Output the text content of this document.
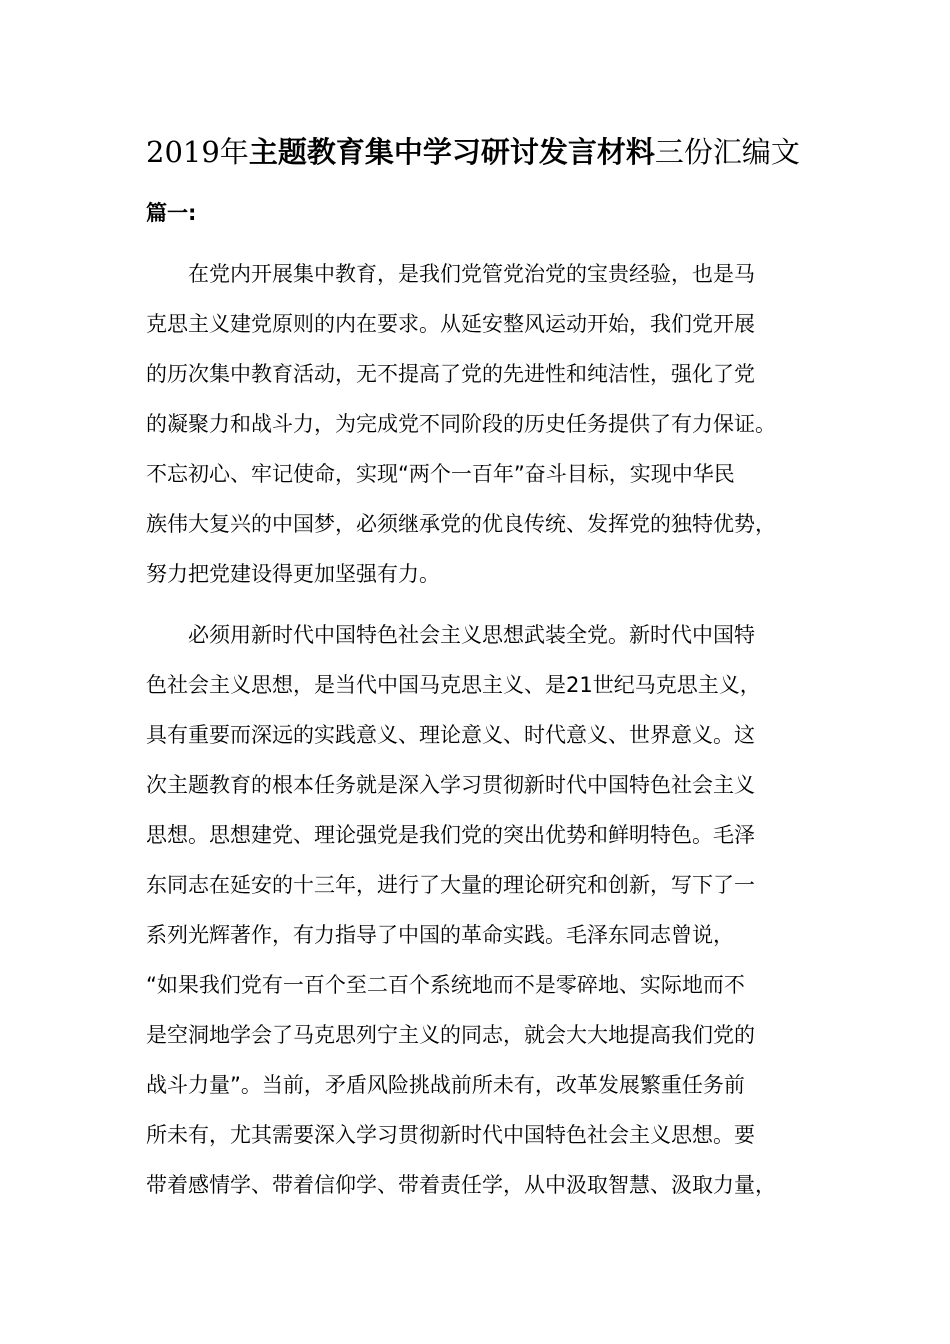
2019年主题教育集中学习研讨发言材料三份汇编文
篇一:
在党内开展集中教育，是我们党管党治党的宝贵经验，也是马
克思主义建党原则的内在要求。从延安整风运动开始，我们党开展
的历次集中教育活动，无不提高了党的先进性和纯洁性，强化了党
的凝聚力和战斗力，为完成党不同阶段的历史任务提供了有力保证。
不忘初心、牢记使命，实现“两个一百年”奋斗目标，实现中华民
族伟大复兴的中国梦，必须继承党的优良传统、发挥党的独特优势，
努力把党建设得更加坚强有力。
必须用新时代中国特色社会主义思想武装全党。新时代中国特
色社会主义思想，是当代中国马克思主义、是21世纪马克思主义，
具有重要而深远的实践意义、理论意义、时代意义、世界意义。这
次主题教育的根本任务就是深入学习贯彻新时代中国特色社会主义
思想。思想建党、理论强党是我们党的突出优势和鲜明特色。毛泽
东同志在延安的十三年，进行了大量的理论研究和创新，写下了一
系列光辉著作，有力指导了中国的革命实践。毛泽东同志曾说，
“如果我们党有一百个至二百个系统地而不是零碎地、实际地而不
是空洞地学会了马克思列宁主义的同志，就会大大地提高我们党的
战斗力量”。当前，矛盾风险挑战前所未有，改革发展繁重任务前
所未有，尤其需要深入学习贯彻新时代中国特色社会主义思想。要
带着感情学、带着信仰学、带着责任学，从中汲取智慧、汲取力量，
